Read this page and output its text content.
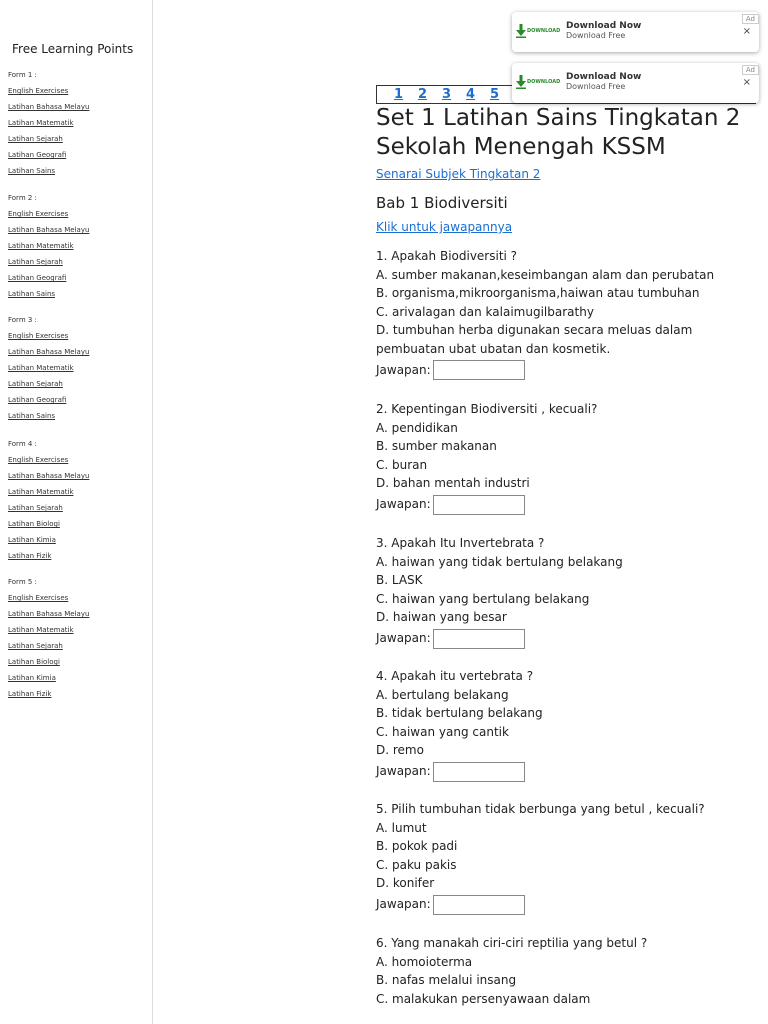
Free Learning Points

Form 1 :

English Exercises
Latihan Bahasa Melayu
Latihan Matematik
Latihan Sejarah
Latihan Geografi
Latihan Sains

Form 2 :

English Exercises
Latihan Bahasa Melayu
Latihan Matematik
Latihan Sejarah
Latihan Geografi
Latihan Sains

Form 3 :

English Exercises
Latihan Bahasa Melayu
Latihan Matematik
Latihan Sejarah
Latihan Geografi
Latihan Sains

Form 4 :

English Exercises
Latihan Bahasa Melayu
Latihan Matematik
Latihan Sejarah
Latihan Biologi
Latihan Kimia
Latihan Fizik

Form 5 :

English Exercises
Latihan Bahasa Melayu
Latihan Matematik
Latihan Sejarah
Latihan Biologi
Latihan Kimia
Latihan Fizik
1 2 3 4 5
DOWNLOAD Download Now
Download Free	×
Ad
DOWNLOAD Download Now
Download Free	×
Ad
Set 1 Latihan Sains Tingkatan 2 Sekolah Menengah KSSM
Senarai Subjek Tingkatan 2
Bab 1 Biodiversiti
Klik untuk jawapannya

1. Apakah Biodiversiti ?

A. sumber makanan,keseimbangan alam dan perubatan

B. organisma,mikroorganisma,haiwan atau tumbuhan

C. arivalagan dan kalaimugilbarathy

D. tumbuhan herba digunakan secara meluas dalam pembuatan ubat ubatan dan kosmetik.

Jawapan:

2. Kepentingan Biodiversiti , kecuali?

A. pendidikan

B. sumber makanan

C. buran

D. bahan mentah industri

Jawapan:

3. Apakah Itu Invertebrata ?

A. haiwan yang tidak bertulang belakang

B. LASK

C. haiwan yang bertulang belakang

D. haiwan yang besar

Jawapan:

4. Apakah itu vertebrata ?

A. bertulang belakang

B. tidak bertulang belakang

C. haiwan yang cantik

D. remo

Jawapan:

5. Pilih tumbuhan tidak berbunga yang betul , kecuali?

A. lumut

B. pokok padi

C. paku pakis

D. konifer

Jawapan:

6. Yang manakah ciri-ciri reptilia yang betul ?

A. homoioterma

B. nafas melalui insang

C. malakukan persenyawaan dalam
